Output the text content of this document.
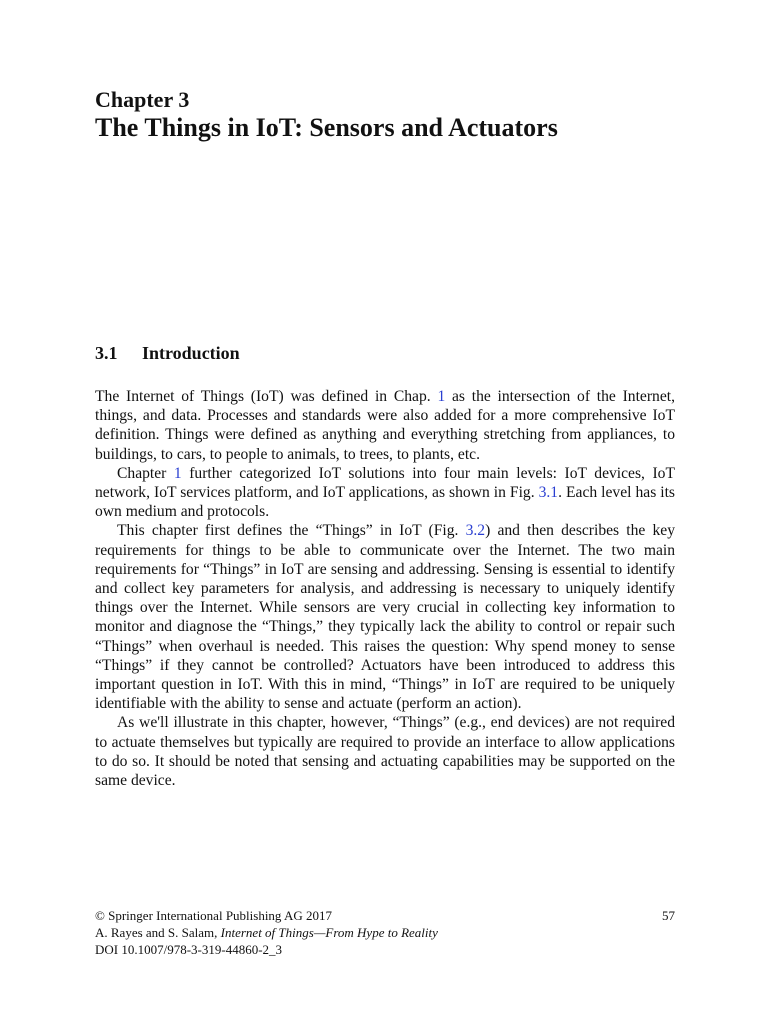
Chapter 3
The Things in IoT: Sensors and Actuators
3.1 Introduction

The Internet of Things (IoT) was defined in Chap. 1 as the intersection of the Internet, things, and data. Processes and standards were also added for a more comprehensive IoT definition. Things were defined as anything and everything stretching from appliances, to buildings, to cars, to people to animals, to trees, to plants, etc.

Chapter 1 further categorized IoT solutions into four main levels: IoT devices, IoT network, IoT services platform, and IoT applications, as shown in Fig. 3.1. Each level has its own medium and protocols.

This chapter first defines the “Things” in IoT (Fig. 3.2) and then describes the key requirements for things to be able to communicate over the Internet. The two main requirements for “Things” in IoT are sensing and addressing. Sensing is essential to identify and collect key parameters for analysis, and addressing is necessary to uniquely identify things over the Internet. While sensors are very crucial in collecting key information to monitor and diagnose the “Things,” they typically lack the ability to control or repair such “Things” when overhaul is needed. This raises the question: Why spend money to sense “Things” if they cannot be controlled? Actuators have been introduced to address this important question in IoT. With this in mind, “Things” in IoT are required to be uniquely identifiable with the ability to sense and actuate (perform an action).

As we'll illustrate in this chapter, however, “Things” (e.g., end devices) are not required to actuate themselves but typically are required to provide an interface to allow applications to do so. It should be noted that sensing and actuating capabilities may be supported on the same device.

© Springer International Publishing AG 2017	57
A. Rayes and S. Salam, Internet of Things—From Hype to Reality
DOI 10.1007/978-3-319-44860-2_3
